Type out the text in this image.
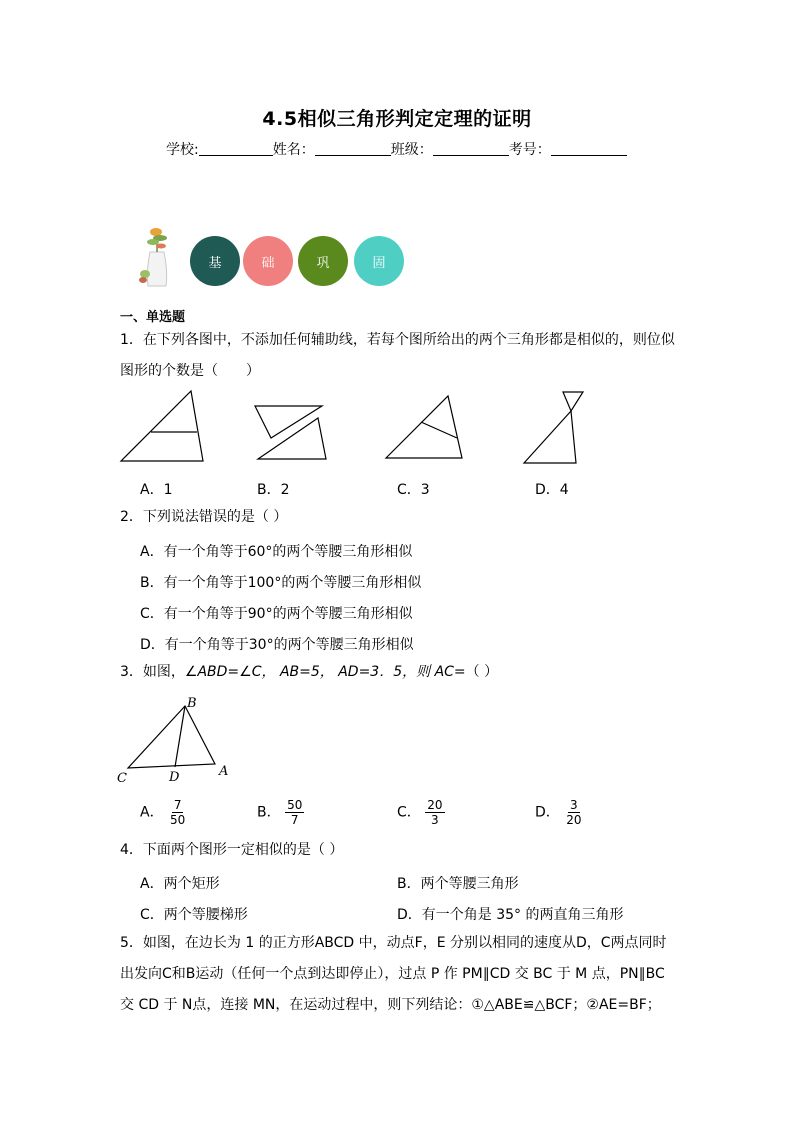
4.5相似三角形判定定理的证明
学校:	姓名：	班级：	考号：
基	础	巩	固
一、单选题
1．在下列各图中，不添加任何辅助线，若每个图所给出的两个三角形都是相似的，则位似
图形的个数是（　　）
A．1	B．2	C．3	D．4
2．下列说法错误的是（ ）
A．有一个角等于60°的两个等腰三角形相似
B．有一个角等于100°的两个等腰三角形相似
C．有一个角等于90°的两个等腰三角形相似
D．有一个角等于30°的两个等腰三角形相似
3．如图，∠ABD=∠C， AB=5， AD=3．5，则 AC=（ ）
B
C	D	A
A． $\frac{7}{50}$	B． $\frac{50}{7}$	C． $\frac{20}{3}$	D． $\frac{3}{20}$
4．下面两个图形一定相似的是（ ）
A．两个矩形	B．两个等腰三角形
C．两个等腰梯形	D．有一个角是 35° 的两直角三角形
5．如图，在边长为 1 的正方形ABCD 中，动点F，E 分别以相同的速度从D，C两点同时
出发向C和B运动（任何一个点到达即停止），过点 P 作 PM∥CD 交 BC 于 M 点，PN∥BC
交 CD 于 N点，连接 MN，在运动过程中，则下列结论：①△ABE≌△BCF；②AE=BF；
